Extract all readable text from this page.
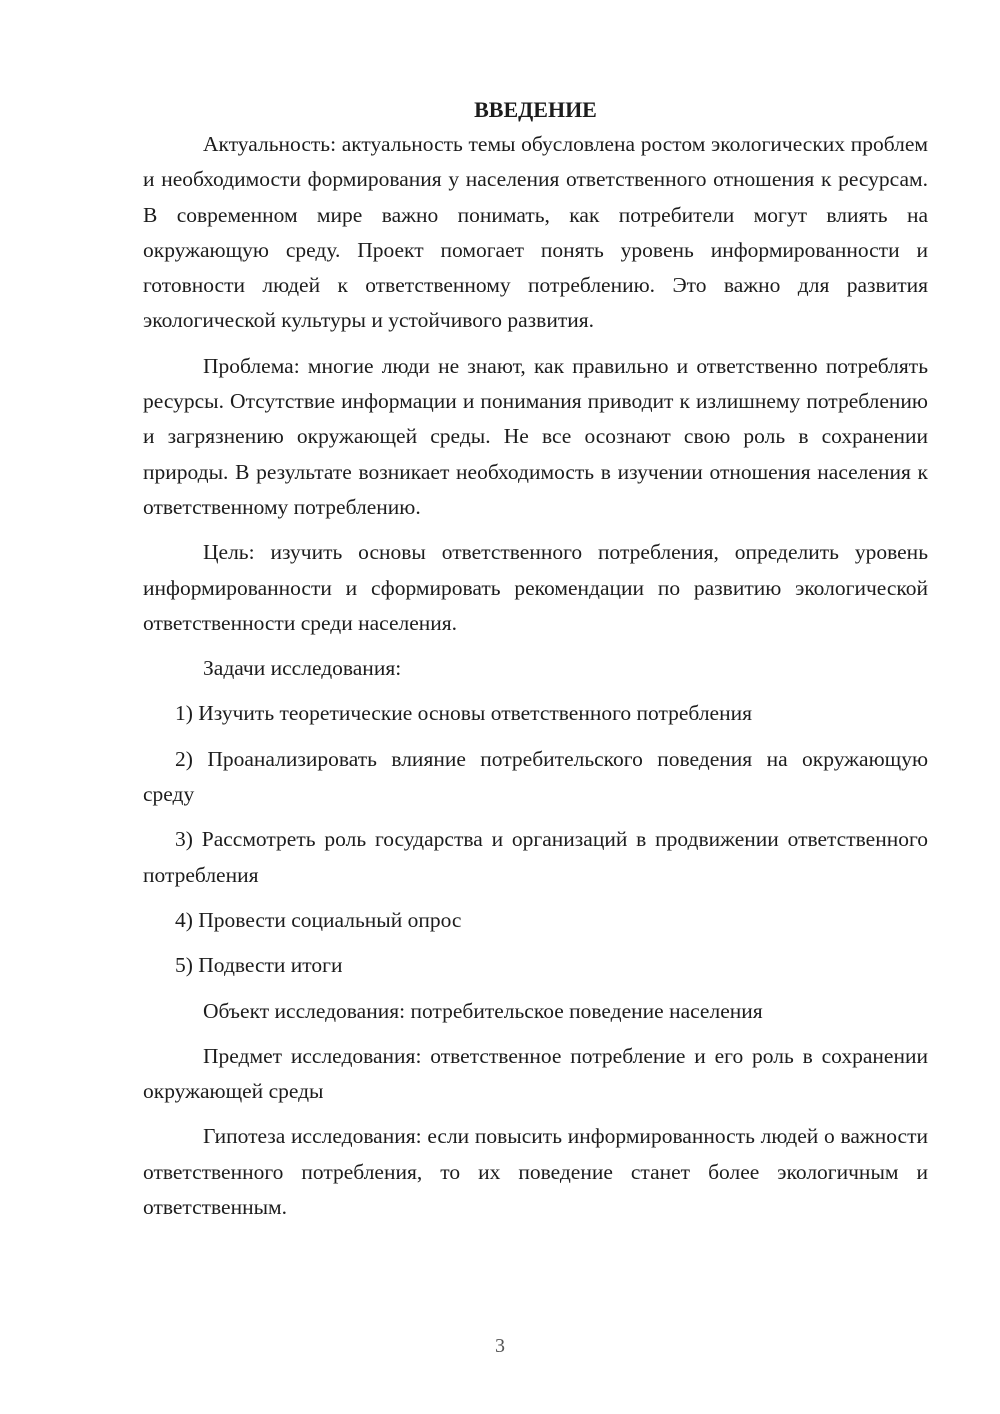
ВВЕДЕНИЕ

Актуальность: актуальность темы обусловлена ростом экологических проблем и необходимости формирования у населения ответственного отношения к ресурсам. В современном мире важно понимать, как потребители могут влиять на окружающую среду. Проект помогает понять уровень информированности и готовности людей к ответственному потреблению. Это важно для развития экологической культуры и устойчивого развития.

Проблема: многие люди не знают, как правильно и ответственно потреблять ресурсы. Отсутствие информации и понимания приводит к излишнему потреблению и загрязнению окружающей среды. Не все осознают свою роль в сохранении природы. В результате возникает необходимость в изучении отношения населения к ответственному потреблению.

Цель: изучить основы ответственного потребления, определить уровень информированности и сформировать рекомендации по развитию экологической ответственности среди населения.

Задачи исследования:

1) Изучить теоретические основы ответственного потребления

2) Проанализировать влияние потребительского поведения на окружающую среду

3) Рассмотреть роль государства и организаций в продвижении ответственного потребления

4) Провести социальный опрос

5) Подвести итоги

Объект исследования: потребительское поведение населения

Предмет исследования: ответственное потребление и его роль в сохранении окружающей среды

Гипотеза исследования: если повысить информированность людей о важности ответственного потребления, то их поведение станет более экологичным и ответственным.

3
